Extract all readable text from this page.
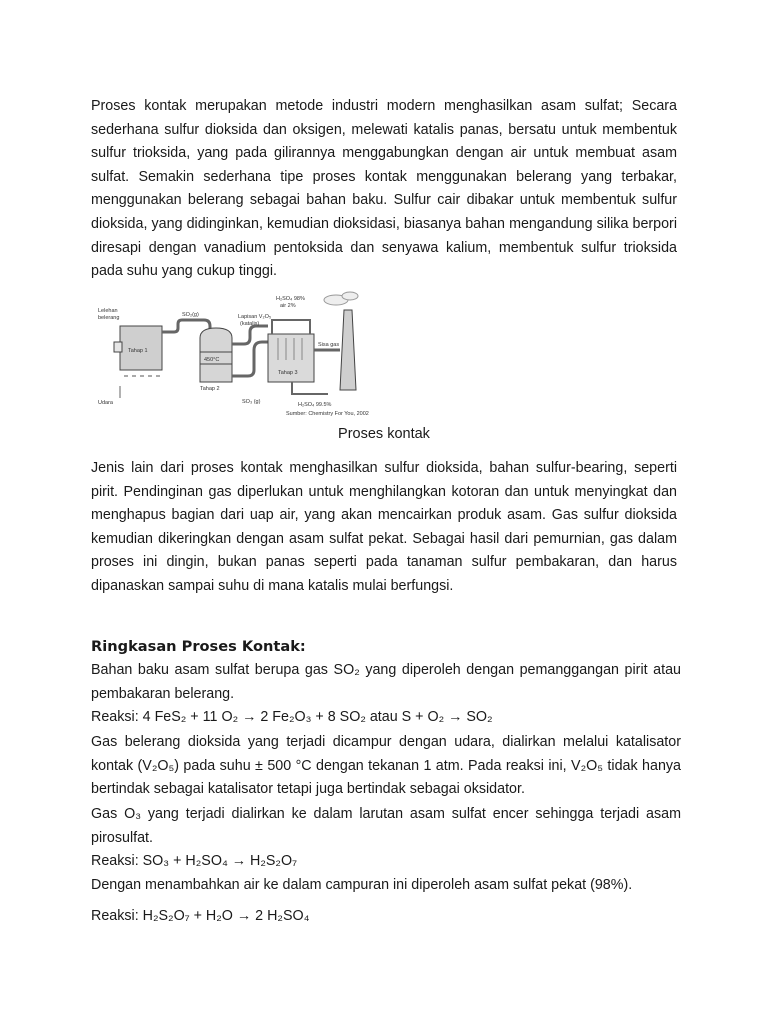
Proses kontak merupakan metode industri modern menghasilkan asam sulfat; Secara sederhana sulfur dioksida dan oksigen, melewati katalis panas, bersatu untuk membentuk sulfur trioksida, yang pada gilirannya menggabungkan dengan air untuk membuat asam sulfat. Semakin sederhana tipe proses kontak menggunakan belerang yang terbakar, menggunakan belerang sebagai bahan baku. Sulfur cair dibakar untuk membentuk sulfur dioksida, yang didinginkan, kemudian dioksidasi, biasanya bahan mengandung silika berpori diresapi dengan vanadium pentoksida dan senyawa kalium, membentuk sulfur trioksida pada suhu yang cukup tinggi.

Lelehan
belerang
Tahap 1
Udara
SO₂(g)
450°C
Lapisan V₂O₅
(katalis)
Tahap 2
SO₃ (g)
H₂SO₄ 98%
air 2%
Tahap 3
Sisa gas
H₂SO₄ 99.5%
Sumber: Chemistry For You, 2002
Proses kontak

Jenis lain dari proses kontak menghasilkan sulfur dioksida, bahan sulfur-bearing, seperti pirit. Pendinginan gas diperlukan untuk menghilangkan kotoran dan untuk menyingkat dan menghapus bagian dari uap air, yang akan mencairkan produk asam. Gas sulfur dioksida kemudian dikeringkan dengan asam sulfat pekat. Sebagai hasil dari pemurnian, gas dalam proses ini dingin, bukan panas seperti pada tanaman sulfur pembakaran, dan harus dipanaskan sampai suhu di mana katalis mulai berfungsi.

Ringkasan Proses Kontak:

Bahan baku asam sulfat berupa gas SO₂ yang diperoleh dengan pemanggangan pirit atau pembakaran belerang.

Reaksi: 4 FeS₂ + 11 O₂ → 2 Fe₂O₃ + 8 SO₂ atau S + O₂ → SO₂

Gas belerang dioksida yang terjadi dicampur dengan udara, dialirkan melalui katalisator kontak (V₂O₅) pada suhu ± 500 °C dengan tekanan 1 atm. Pada reaksi ini, V₂O₅ tidak hanya bertindak sebagai katalisator tetapi juga bertindak sebagai oksidator.

Gas O₃ yang terjadi dialirkan ke dalam larutan asam sulfat encer sehingga terjadi asam pirosulfat.

Reaksi: SO₃ + H₂SO₄ → H₂S₂O₇

Dengan menambahkan air ke dalam campuran ini diperoleh asam sulfat pekat (98%).

Reaksi: H₂S₂O₇ + H₂O → 2 H₂SO₄
